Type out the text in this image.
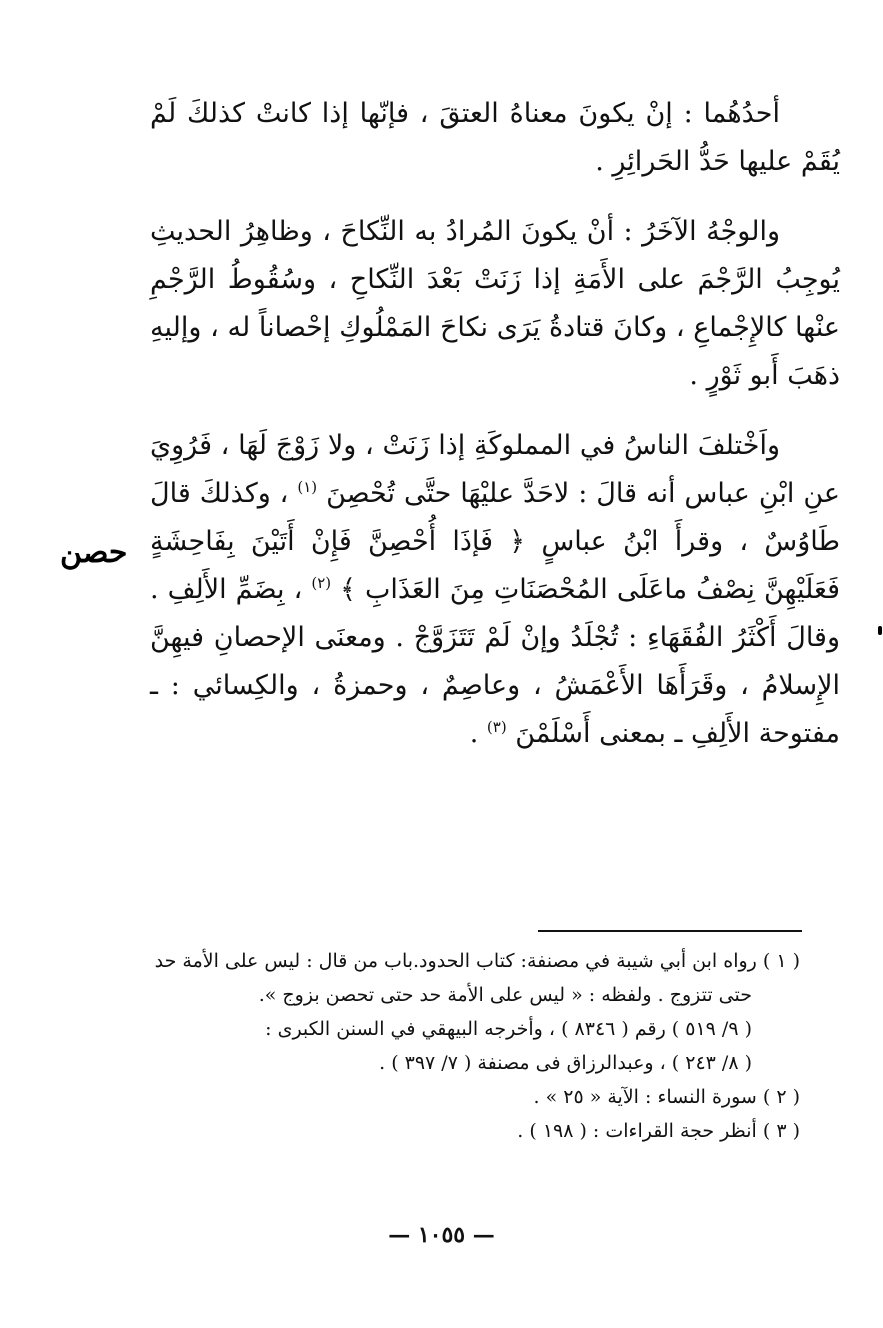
أحدُهُما : إنْ يكونَ معناهُ العتقَ ، فإنّها إذا كانتْ كذلكَ لَمْ يُقَمْ عليها حَدُّ الحَرائِرِ .

والوجْهُ الآخَرُ : أنْ يكونَ المُرادُ به النِّكاحَ ، وظاهِرُ الحديثِ يُوجِبُ الرَّجْمَ على الأَمَةِ إذا زَنَتْ بَعْدَ النِّكاحِ ، وسُقُوطُ الرَّجْمِ عنْها كالإِجْماعِ ، وكانَ قتادةُ يَرَى نكاحَ المَمْلُوكِ إحْصاناً له ، وإليهِ ذهَبَ أَبو ثَوْرٍ .

واَخْتلفَ الناسُ في المملوكَةِ إذا زَنَتْ ، ولا زَوْجَ لَهَا ، فَرُوِيَ عنِ ابْنِ عباس أنه قالَ : لاحَدَّ عليْهَا حتَّى تُحْصِنَ $^{(١)}$ ، وكذلكَ قالَ طَاوُسٌ ، وقرأَ ابْنُ عباسٍ ﴿ فَإذَا أُحْصِنَّ فَإِنْ أَتَيْنَ بِفَاحِشَةٍ فَعَلَيْهِنَّ نِصْفُ ماعَلَى المُحْصَنَاتِ مِنَ العَذَابِ ﴾ $^{(٢)}$ ، بِضَمِّ الأَلِفِ . وقالَ أَكْثَرُ الفُقَهَاءِ : تُجْلَدُ وإنْ لَمْ تَتَزَوَّجْ . ومعنَى الإحصانِ فيهِنَّ الإِسلامُ ، وقَرَأَهَا الأَعْمَشُ ، وعاصِمٌ ، وحمزةُ ، والكِسائي : ـ مفتوحة الأَلِفِ ـ بمعنى أَسْلَمْنَ $^{(٣)}$ .

حصن

( ١ ) رواه ابن أبي شيبة في مصنفة: كتاب الحدود.باب من قال : ليس على الأمة حد

حتى تتزوج . ولفظه : « ليس على الأمة حد حتى تحصن بزوج ».

( ٩/ ٥١٩ ) رقم ( ٨٣٤٦ ) ، وأخرجه البيهقي في السنن الكبرى :

( ٨/ ٢٤٣ ) ، وعبدالرزاق فى مصنفة ( ٧/ ٣٩٧ ) .

( ٢ ) سورة النساء : الآية « ٢٥ » .

( ٣ ) أنظر حجة القراءات : ( ١٩٨ ) .

— ١٠٥٥ —
